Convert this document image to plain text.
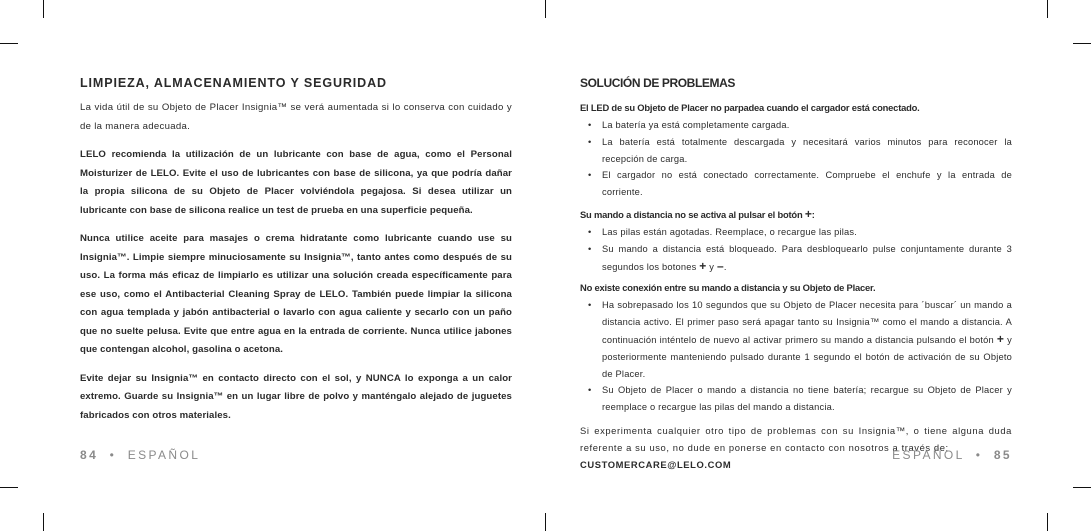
LIMPIEZA, ALMACENAMIENTO Y SEGURIDAD

La vida útil de su Objeto de Placer Insignia™ se verá aumentada si lo conserva con cuidado y de la manera adecuada.

LELO recomienda la utilización de un lubricante con base de agua, como el Personal Moisturizer de LELO. Evite el uso de lubricantes con base de silicona, ya que podría dañar la propia silicona de su Objeto de Placer volviéndola pegajosa. Si desea utilizar un lubricante con base de silicona realice un test de prueba en una superficie pequeña.

Nunca utilice aceite para masajes o crema hidratante como lubricante cuando use su Insignia™. Limpie siempre minuciosamente su Insignia™, tanto antes como después de su uso. La forma más eficaz de limpiarlo es utilizar una solución creada específicamente para ese uso, como el Antibacterial Cleaning Spray de LELO. También puede limpiar la silicona con agua templada y jabón antibacterial o lavarlo con agua caliente y secarlo con un paño que no suelte pelusa. Evite que entre agua en la entrada de corriente. Nunca utilice jabones que contengan alcohol, gasolina o acetona.

Evite dejar su Insignia™ en contacto directo con el sol, y NUNCA lo exponga a un calor extremo. Guarde su Insignia™ en un lugar libre de polvo y manténgalo alejado de juguetes fabricados con otros materiales.

84 • ESPAÑOL
SOLUCIÓN DE PROBLEMAS
El LED de su Objeto de Placer no parpadea cuando el cargador está conectado.
• La batería ya está completamente cargada.
• La batería está totalmente descargada y necesitará varios minutos para reconocer la recepción de carga.
• El cargador no está conectado correctamente. Compruebe el enchufe y la entrada de corriente.
Su mando a distancia no se activa al pulsar el botón +:
• Las pilas están agotadas. Reemplace, o recargue las pilas.
• Su mando a distancia está bloqueado. Para desbloquearlo pulse conjuntamente durante 3 segundos los botones + y –.
No existe conexión entre su mando a distancia y su Objeto de Placer.
• Ha sobrepasado los 10 segundos que su Objeto de Placer necesita para ´buscar´ un mando a distancia activo. El primer paso será apagar tanto su Insignia™ como el mando a distancia. A continuación inténtelo de nuevo al activar primero su mando a distancia pulsando el botón + y posteriormente manteniendo pulsado durante 1 segundo el botón de activación de su Objeto de Placer.
• Su Objeto de Placer o mando a distancia no tiene batería; recargue su Objeto de Placer y reemplace o recargue las pilas del mando a distancia.

Si experimenta cualquier otro tipo de problemas con su Insignia™, o tiene alguna duda referente a su uso, no dude en ponerse en contacto con nosotros a través de:
CUSTOMERCARE@LELO.COM

ESPAÑOL • 85
